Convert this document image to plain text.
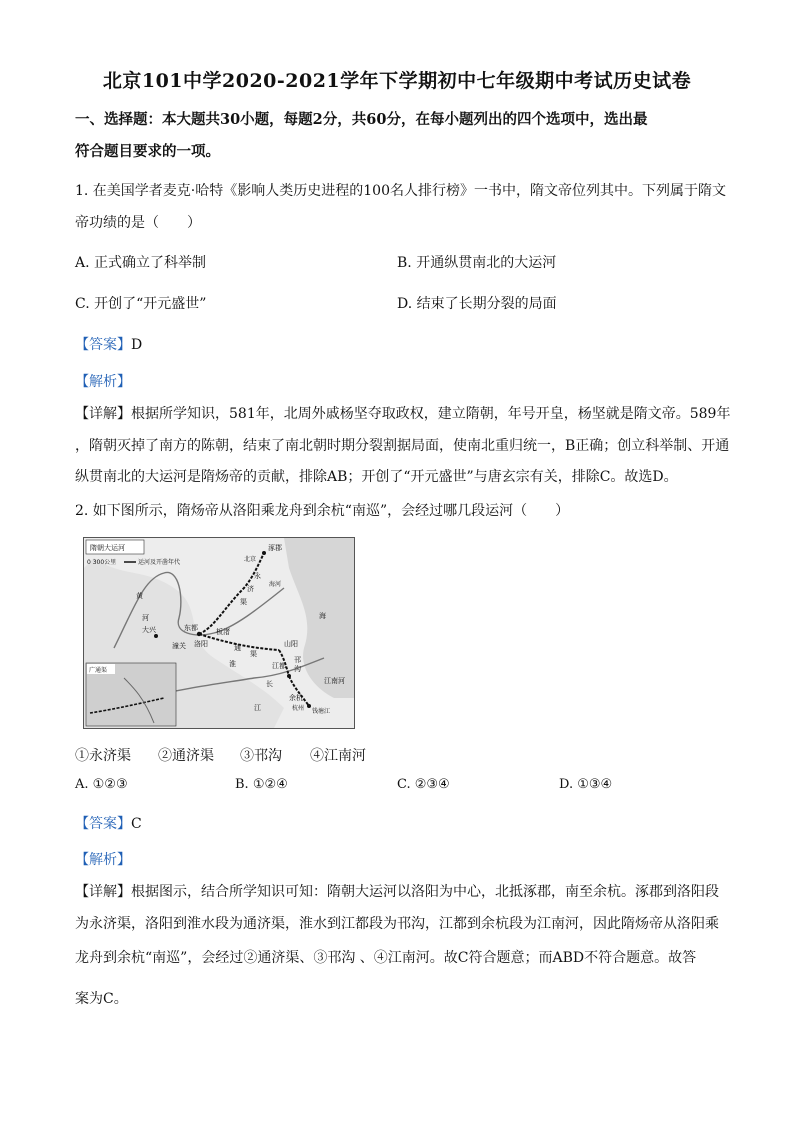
北京101中学2020-2021学年下学期初中七年级期中考试历史试卷
一、选择题：本大题共30小题，每题2分，共60分，在每小题列出的四个选项中，选出最
符合题目要求的一项。
1. 在美国学者麦克·哈特《影响人类历史进程的100名人排行榜》一书中，隋文帝位列其中。下列属于隋文
帝功绩的是（　　）
A. 正式确立了科举制	B. 开通纵贯南北的大运河
C. 开创了“开元盛世”	D. 结束了长期分裂的局面
【答案】D
【解析】
【详解】根据所学知识，581年，北周外戚杨坚夺取政权，建立隋朝，年号开皇，杨坚就是隋文帝。589年
，隋朝灭掉了南方的陈朝，结束了南北朝时期分裂割据局面，使南北重归统一，B正确；创立科举制、开通
纵贯南北的大运河是隋炀帝的贡献，排除AB；开创了“开元盛世”与唐玄宗有关，排除C。故选D。
2. 如下图所示，隋炀帝从洛阳乘龙舟到余杭“南巡”，会经过哪几段运河（　　）
隋朝大运河
0 300公里	运河及开凿年代
涿郡
北京
永
济
渠
海河
黄
河
大兴	东都
潼关 洛阳
板渚
通
渠
山阳
邗
沟
江都
淮
长
江
余杭
杭州 钱塘江
江南河
海
广通渠
①永济渠 ②通济渠 ③邗沟 ④江南河
A. ①②③	B. ①②④	C. ②③④	D. ①③④
【答案】C
【解析】
【详解】根据图示，结合所学知识可知：隋朝大运河以洛阳为中心，北抵涿郡，南至余杭。涿郡到洛阳段
为永济渠，洛阳到淮水段为通济渠，淮水到江都段为邗沟，江都到余杭段为江南河，因此隋炀帝从洛阳乘
龙舟到余杭“南巡”，会经过②通济渠、③邗沟 、④江南河。故C符合题意；而ABD不符合题意。故答
案为C。
